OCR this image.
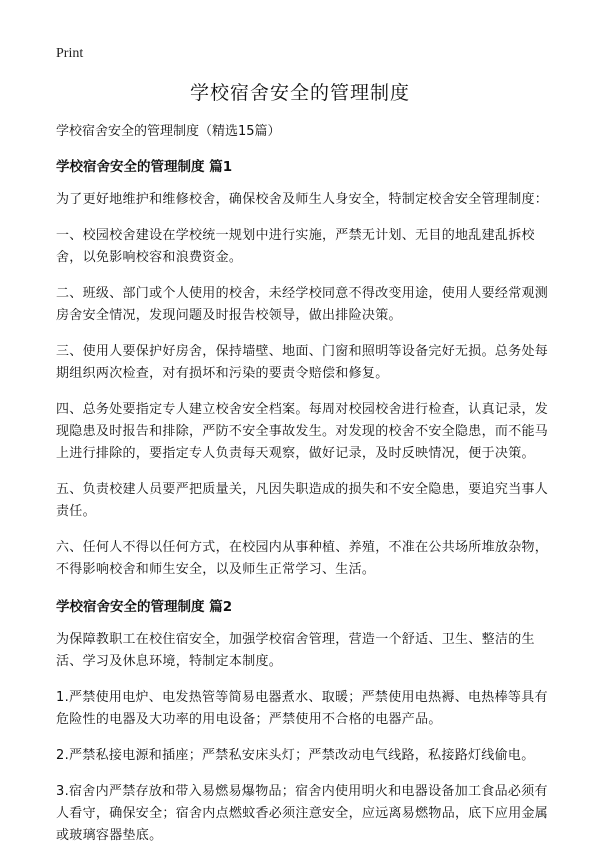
Print
学校宿舍安全的管理制度

学校宿舍安全的管理制度（精选15篇）

学校宿舍安全的管理制度 篇1

为了更好地维护和维修校舍，确保校舍及师生人身安全，特制定校舍安全管理制度：

一、校园校舍建设在学校统一规划中进行实施，严禁无计划、无目的地乱建乱拆校舍，以免影响校容和浪费资金。

二、班级、部门或个人使用的校舍，未经学校同意不得改变用途，使用人要经常观测房舍安全情况，发现问题及时报告校领导，做出排险决策。

三、使用人要保护好房舍，保持墙壁、地面、门窗和照明等设备完好无损。总务处每期组织两次检查，对有损坏和污染的要责令赔偿和修复。

四、总务处要指定专人建立校舍安全档案。每周对校园校舍进行检查，认真记录，发现隐患及时报告和排除，严防不安全事故发生。对发现的校舍不安全隐患，而不能马上进行排除的，要指定专人负责每天观察，做好记录，及时反映情况，便于决策。

五、负责校建人员要严把质量关，凡因失职造成的损失和不安全隐患，要追究当事人责任。

六、任何人不得以任何方式，在校园内从事种植、养殖，不准在公共场所堆放杂物，不得影响校舍和师生安全，以及师生正常学习、生活。

学校宿舍安全的管理制度 篇2

为保障教职工在校住宿安全，加强学校宿舍管理，营造一个舒适、卫生、整洁的生活、学习及休息环境，特制定本制度。

1.严禁使用电炉、电发热管等简易电器煮水、取暖；严禁使用电热褥、电热棒等具有危险性的电器及大功率的用电设备；严禁使用不合格的电器产品。

2.严禁私接电源和插座；严禁私安床头灯；严禁改动电气线路，私接路灯线偷电。

3.宿舍内严禁存放和带入易燃易爆物品；宿舍内使用明火和电器设备加工食品必须有人看守，确保安全；宿舍内点燃蚊香必须注意安全，应远离易燃物品，底下应用金属或玻璃容器垫底。
